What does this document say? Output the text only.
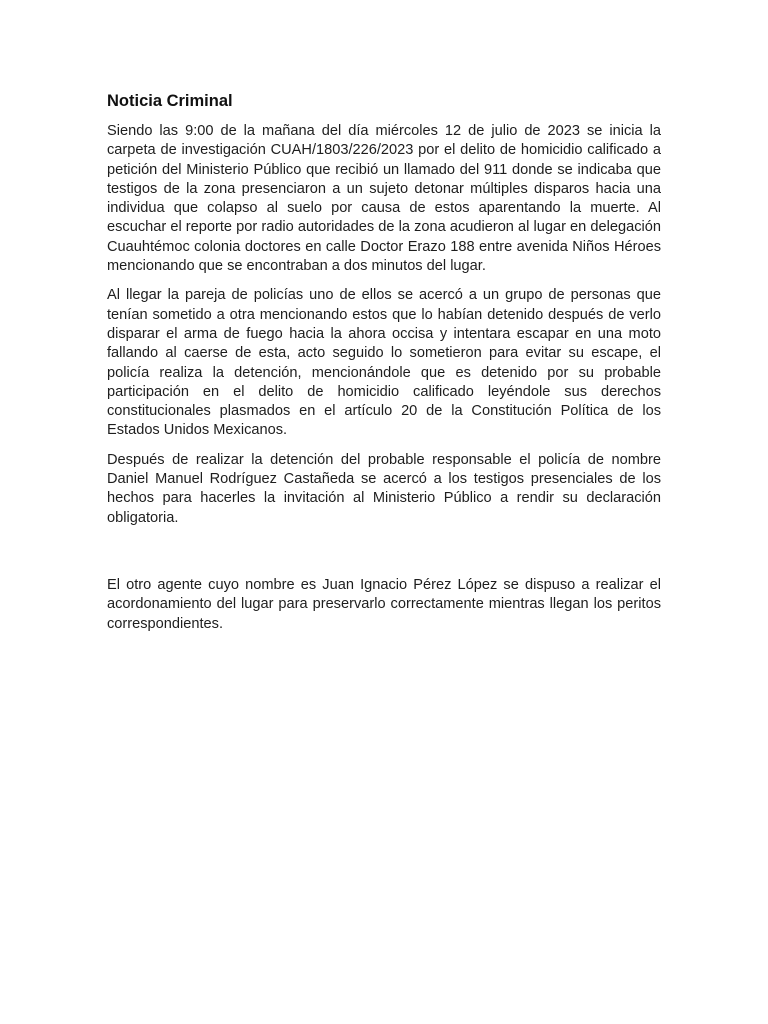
Noticia Criminal

Siendo las 9:00 de la mañana del día miércoles 12 de julio de 2023 se inicia la carpeta de investigación CUAH/1803/226/2023 por el delito de homicidio calificado a petición del Ministerio Público que recibió un llamado del 911 donde se indicaba que testigos de la zona presenciaron a un sujeto detonar múltiples disparos hacia una individua que colapso al suelo por causa de estos aparentando la muerte. Al escuchar el reporte por radio autoridades de la zona acudieron al lugar en delegación Cuauhtémoc colonia doctores en calle Doctor Erazo 188 entre avenida Niños Héroes mencionando que se encontraban a dos minutos del lugar.

Al llegar la pareja de policías uno de ellos se acercó a un grupo de personas que tenían sometido a otra mencionando estos que lo habían detenido después de verlo disparar el arma de fuego hacia la ahora occisa y intentara escapar en una moto fallando al caerse de esta, acto seguido lo sometieron para evitar su escape, el policía realiza la detención, mencionándole que es detenido por su probable participación en el delito de homicidio calificado leyéndole sus derechos constitucionales plasmados en el artículo 20 de la Constitución Política de los Estados Unidos Mexicanos.

Después de realizar la detención del probable responsable el policía de nombre Daniel Manuel Rodríguez Castañeda se acercó a los testigos presenciales de los hechos para hacerles la invitación al Ministerio Público a rendir su declaración obligatoria.

El otro agente cuyo nombre es Juan Ignacio Pérez López se dispuso a realizar el acordonamiento del lugar para preservarlo correctamente mientras llegan los peritos correspondientes.
